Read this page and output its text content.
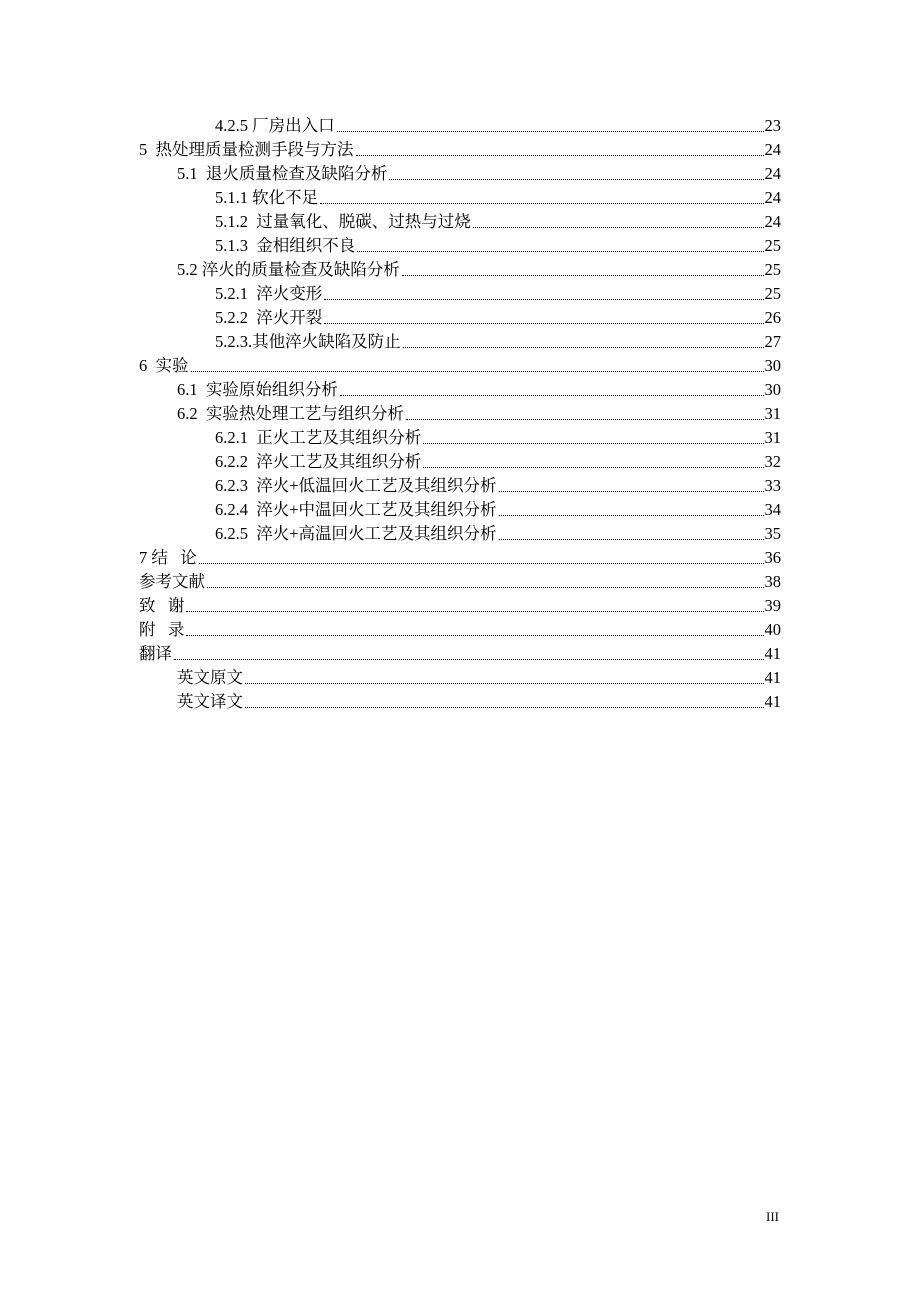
4.2.5 厂房出入口	23
5  热处理质量检测手段与方法	24
5.1  退火质量检查及缺陷分析	24
5.1.1 软化不足	24
5.1.2  过量氧化、脱碳、过热与过烧	24
5.1.3  金相组织不良	25
5.2 淬火的质量检查及缺陷分析	25
5.2.1  淬火变形	25
5.2.2  淬火开裂	26
5.2.3.其他淬火缺陷及防止	27
6  实验	30
6.1  实验原始组织分析	30
6.2  实验热处理工艺与组织分析	31
6.2.1  正火工艺及其组织分析	31
6.2.2  淬火工艺及其组织分析	32
6.2.3  淬火+低温回火工艺及其组织分析	33
6.2.4  淬火+中温回火工艺及其组织分析	34
6.2.5  淬火+高温回火工艺及其组织分析	35
7 结   论	36
参考文献	38
致   谢	39
附   录	40
翻译	41
英文原文	41
英文译文	41
III
